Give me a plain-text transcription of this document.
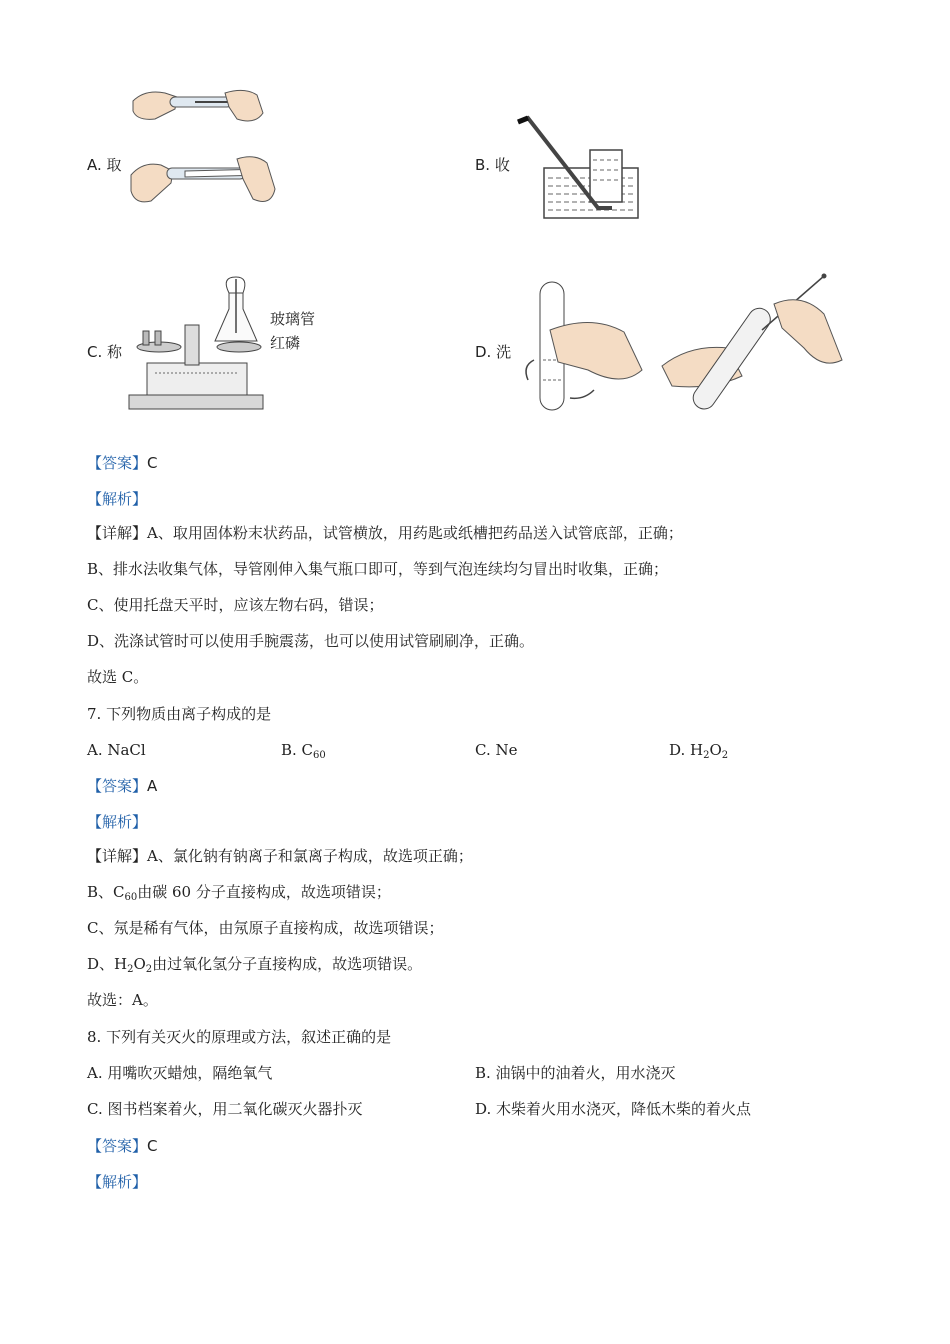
A. 取	B. 收
C. 称
玻璃管
红磷	D. 洗
【答案】C
【解析】
【详解】A、取用固体粉末状药品，试管横放，用药匙或纸槽把药品送入试管底部，正确；
B、排水法收集气体，导管刚伸入集气瓶口即可，等到气泡连续均匀冒出时收集，正确；
C、使用托盘天平时，应该左物右码，错误；
D、洗涤试管时可以使用手腕震荡，也可以使用试管刷刷净，正确。
故选 C。
7. 下列物质由离子构成的是
A. NaCl	B. $C_{60}$	C. Ne	D. $H_2O_2$
【答案】A
【解析】
【详解】A、氯化钠有钠离子和氯离子构成，故选项正确；
B、$C_{60}$由碳 60 分子直接构成，故选项错误；
C、氖是稀有气体，由氖原子直接构成，故选项错误；
D、$H_2O_2$由过氧化氢分子直接构成，故选项错误。
故选：A。
8. 下列有关灭火的原理或方法，叙述正确的是
A. 用嘴吹灭蜡烛，隔绝氧气	B. 油锅中的油着火，用水浇灭
C. 图书档案着火，用二氧化碳灭火器扑灭	D. 木柴着火用水浇灭，降低木柴的着火点
【答案】C
【解析】
